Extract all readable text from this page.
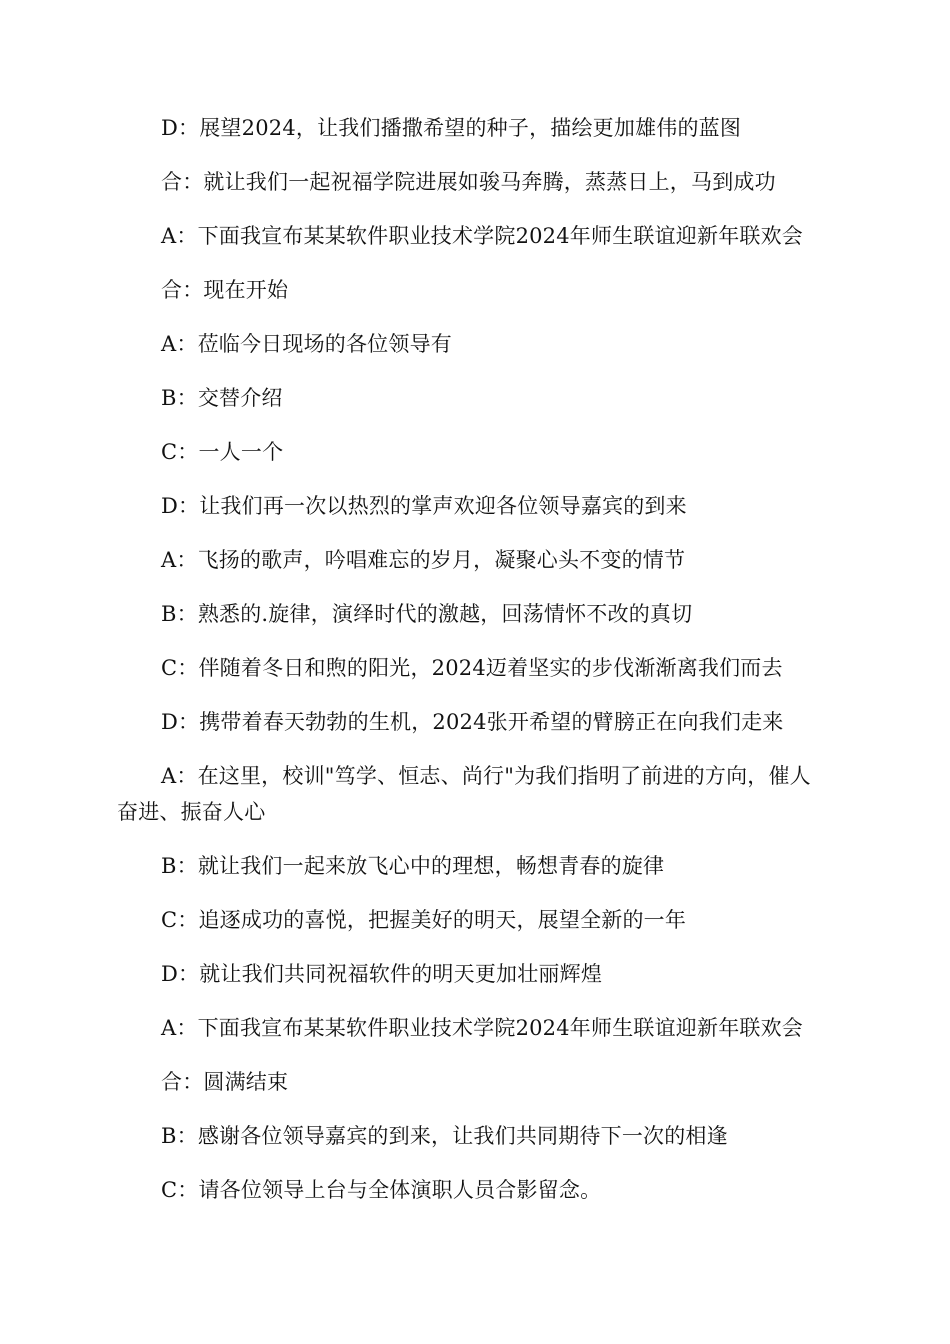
D：展望2024，让我们播撒希望的种子，描绘更加雄伟的蓝图

合：就让我们一起祝福学院进展如骏马奔腾，蒸蒸日上，马到成功

A：下面我宣布某某软件职业技术学院2024年师生联谊迎新年联欢会

合：现在开始

A：莅临今日现场的各位领导有

B：交替介绍

C：一人一个

D：让我们再一次以热烈的掌声欢迎各位领导嘉宾的到来

A：飞扬的歌声，吟唱难忘的岁月，凝聚心头不变的情节

B：熟悉的.旋律，演绎时代的激越，回荡情怀不改的真切

C：伴随着冬日和煦的阳光，2024迈着坚实的步伐渐渐离我们而去

D：携带着春天勃勃的生机，2024张开希望的臂膀正在向我们走来

A：在这里，校训"笃学、恒志、尚行"为我们指明了前进的方向，催人奋进、振奋人心

B：就让我们一起来放飞心中的理想，畅想青春的旋律

C：追逐成功的喜悦，把握美好的明天，展望全新的一年

D：就让我们共同祝福软件的明天更加壮丽辉煌

A：下面我宣布某某软件职业技术学院2024年师生联谊迎新年联欢会

合：圆满结束

B：感谢各位领导嘉宾的到来，让我们共同期待下一次的相逢

C：请各位领导上台与全体演职人员合影留念。
